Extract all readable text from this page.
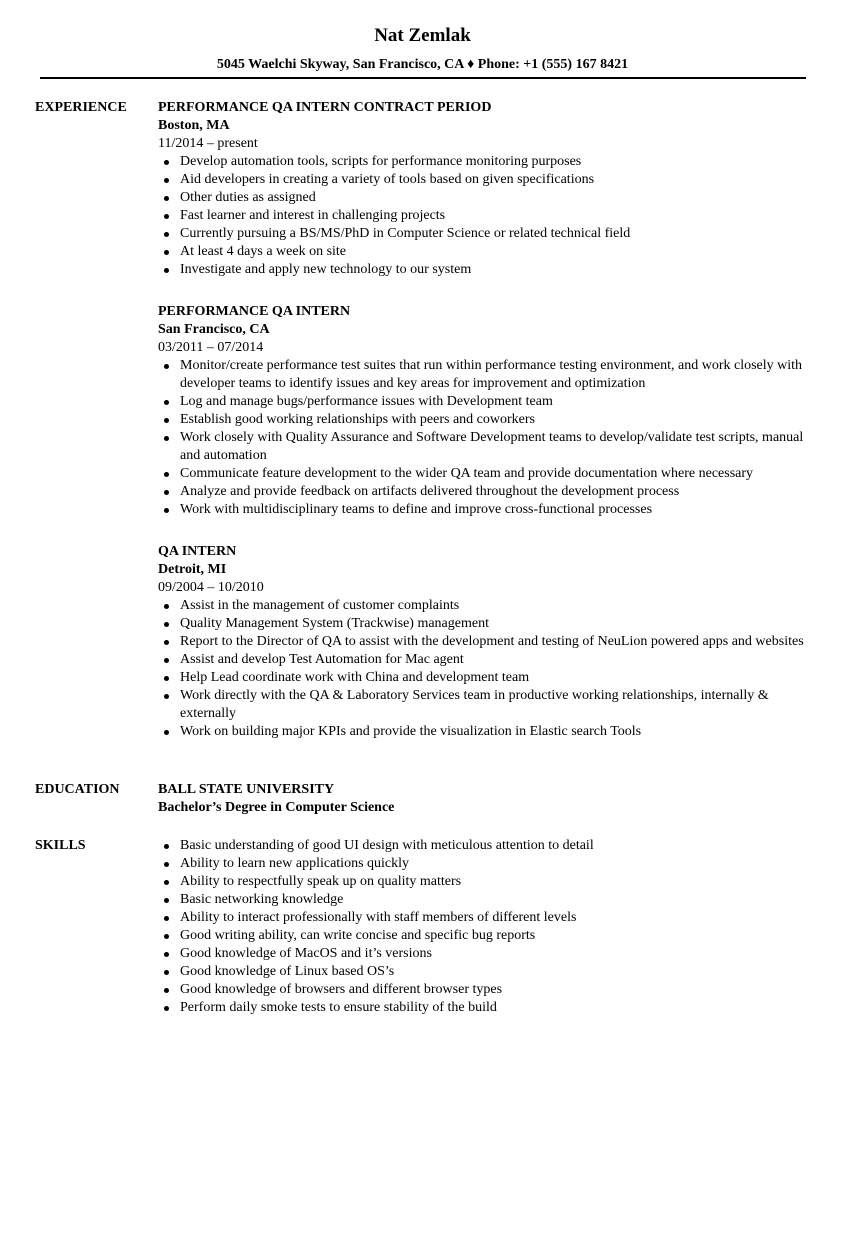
Nat Zemlak
5045 Waelchi Skyway, San Francisco, CA ♦ Phone: +1 (555) 167 8421
EXPERIENCE	PERFORMANCE QA INTERN CONTRACT PERIOD
Boston, MA
11/2014 – present
Develop automation tools, scripts for performance monitoring purposes
Aid developers in creating a variety of tools based on given specifications
Other duties as assigned
Fast learner and interest in challenging projects
Currently pursuing a BS/MS/PhD in Computer Science or related technical field
At least 4 days a week on site
Investigate and apply new technology to our system
PERFORMANCE QA INTERN
San Francisco, CA
03/2011 – 07/2014
Monitor/create performance test suites that run within performance testing environment, and work closely with developer teams to identify issues and key areas for improvement and optimization
Log and manage bugs/performance issues with Development team
Establish good working relationships with peers and coworkers
Work closely with Quality Assurance and Software Development teams to develop/validate test scripts, manual and automation
Communicate feature development to the wider QA team and provide documentation where necessary
Analyze and provide feedback on artifacts delivered throughout the development process
Work with multidisciplinary teams to define and improve cross-functional processes
QA INTERN
Detroit, MI
09/2004 – 10/2010
Assist in the management of customer complaints
Quality Management System (Trackwise) management
Report to the Director of QA to assist with the development and testing of NeuLion powered apps and websites
Assist and develop Test Automation for Mac agent
Help Lead coordinate work with China and development team
Work directly with the QA & Laboratory Services team in productive working relationships, internally & externally
Work on building major KPIs and provide the visualization in Elastic search Tools
EDUCATION	BALL STATE UNIVERSITY
Bachelor’s Degree in Computer Science
SKILLS	Basic understanding of good UI design with meticulous attention to detail
Ability to learn new applications quickly
Ability to respectfully speak up on quality matters
Basic networking knowledge
Ability to interact professionally with staff members of different levels
Good writing ability, can write concise and specific bug reports
Good knowledge of MacOS and it’s versions
Good knowledge of Linux based OS’s
Good knowledge of browsers and different browser types
Perform daily smoke tests to ensure stability of the build
